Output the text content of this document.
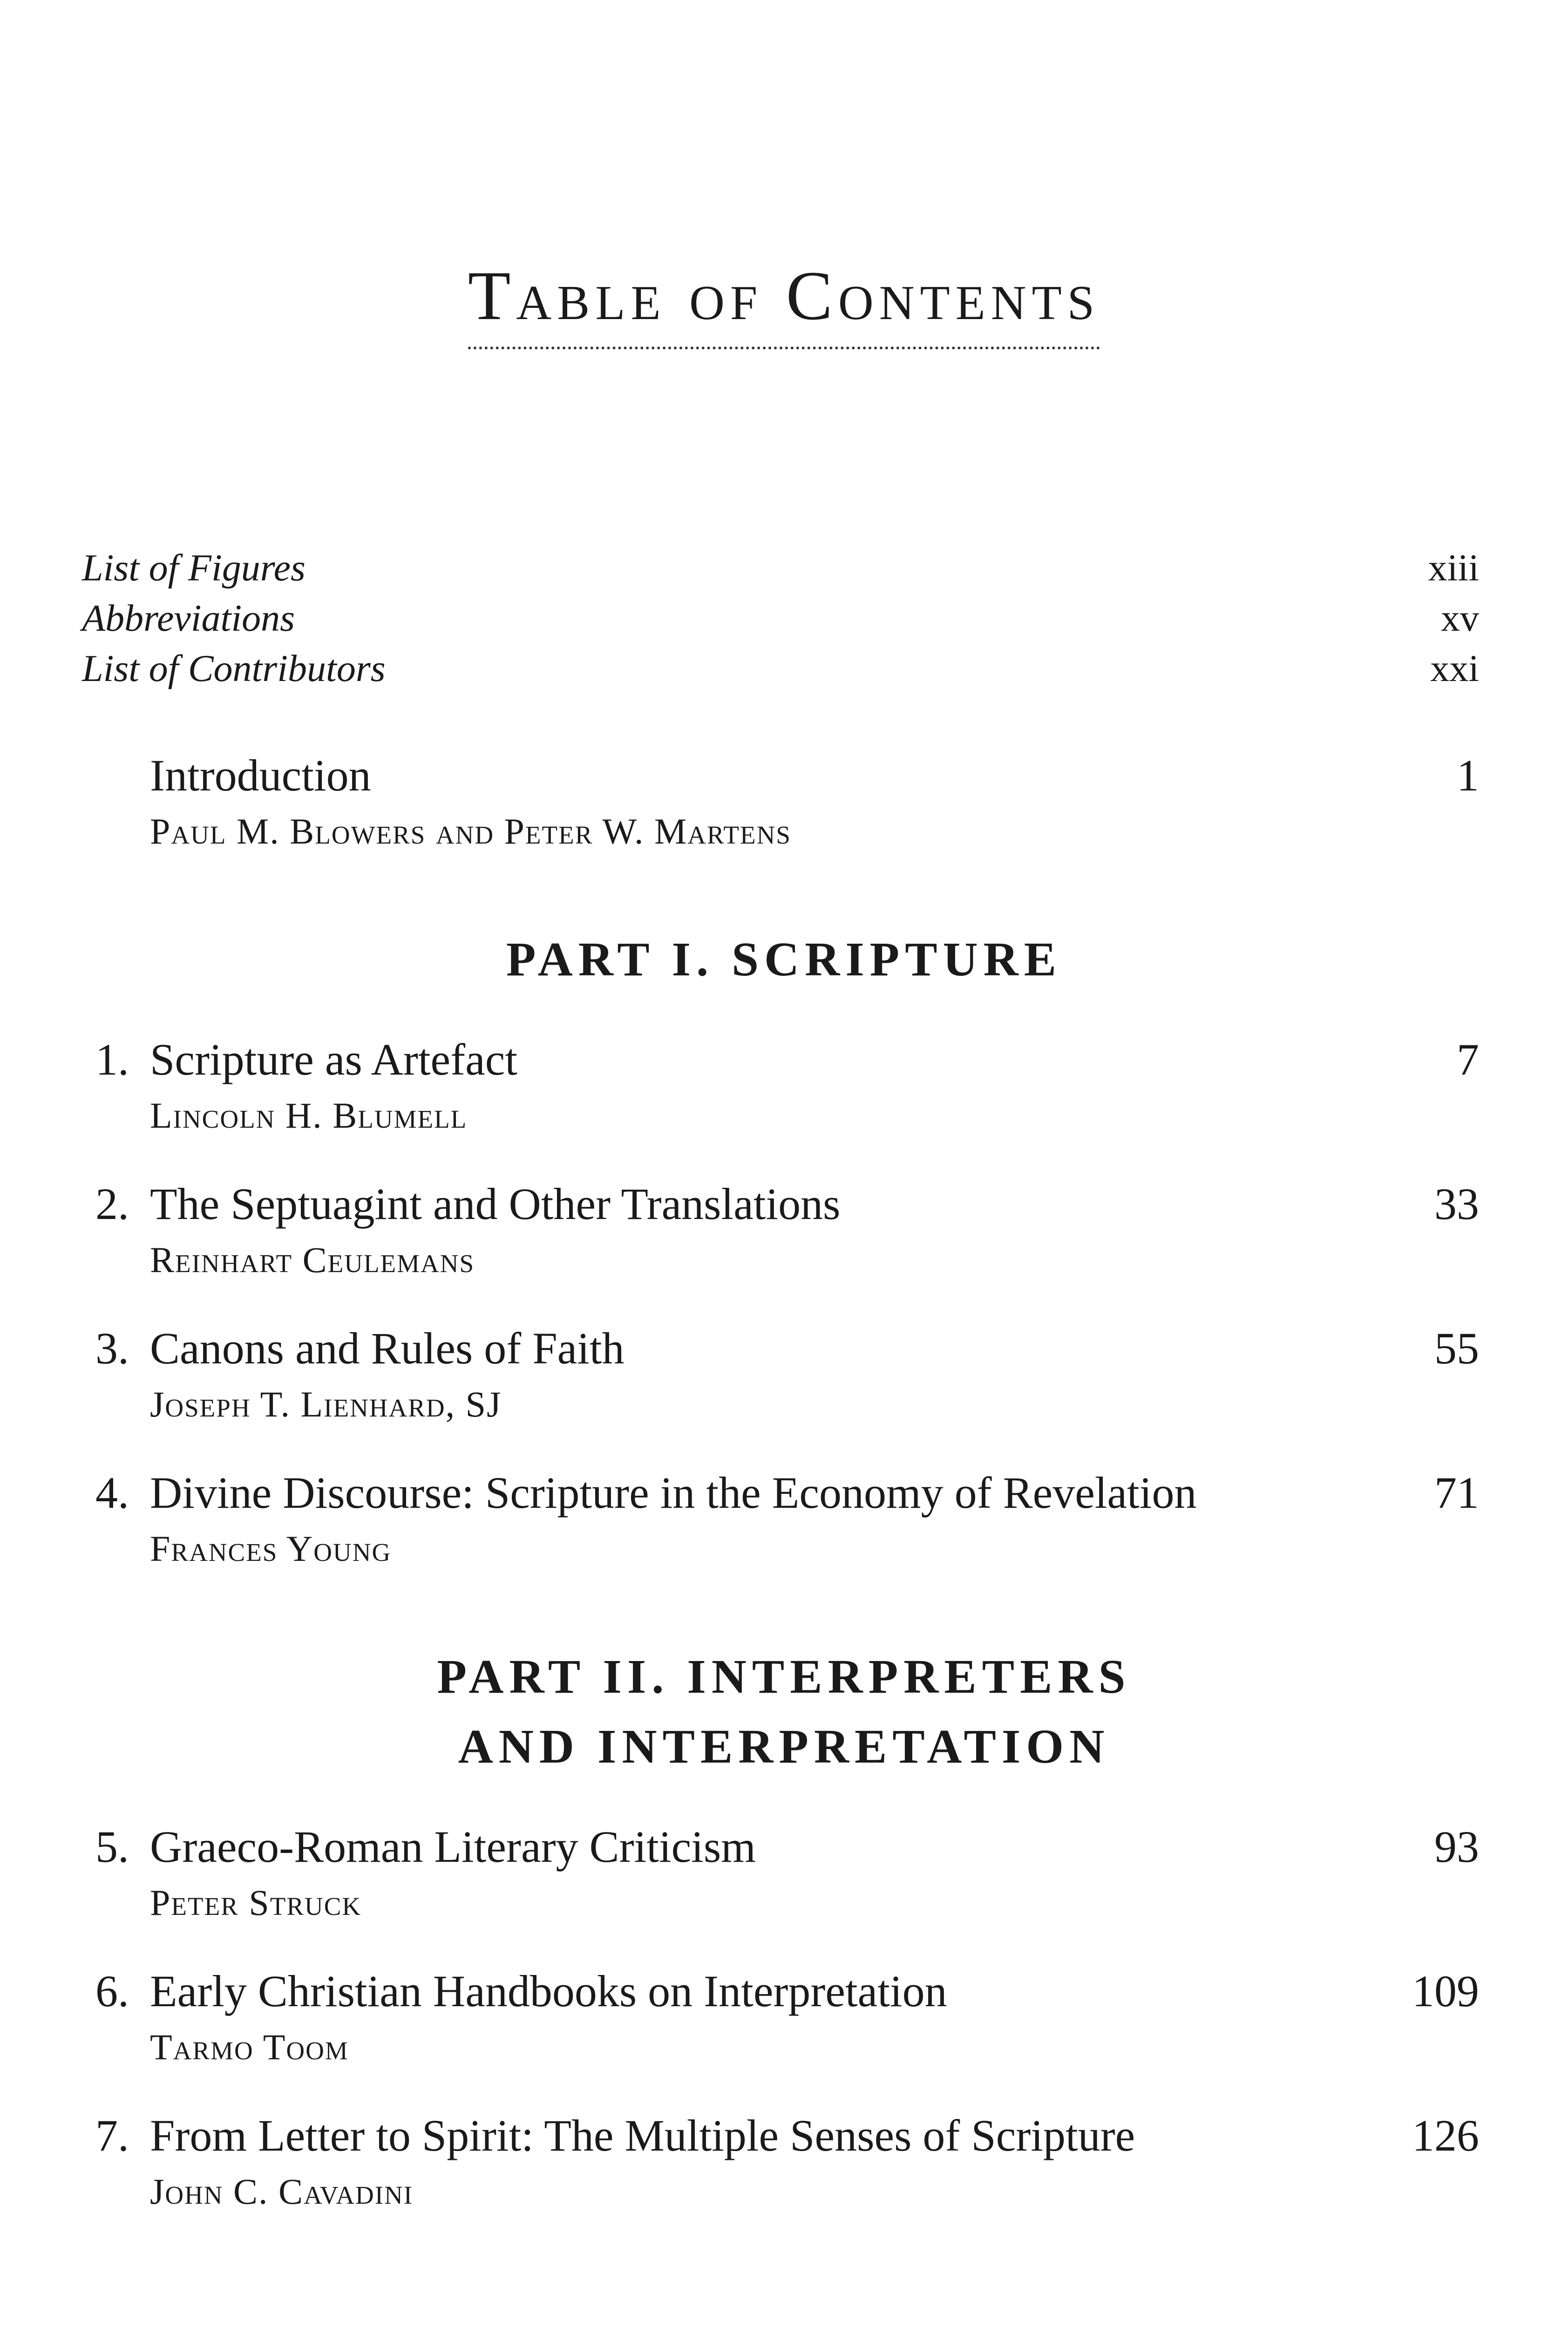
Table of Contents
List of Figures	xiii
Abbreviations	xv
List of Contributors	xxi
Introduction	1
Paul M. Blowers and Peter W. Martens
PART I. SCRIPTURE
1. Scripture as Artefact	7
Lincoln H. Blumell
2. The Septuagint and Other Translations	33
Reinhart Ceulemans
3. Canons and Rules of Faith	55
Joseph T. Lienhard, SJ
4. Divine Discourse: Scripture in the Economy of Revelation	71
Frances Young
PART II. INTERPRETERS
AND INTERPRETATION
5. Graeco-Roman Literary Criticism	93
Peter Struck
6. Early Christian Handbooks on Interpretation	109
Tarmo Toom
7. From Letter to Spirit: The Multiple Senses of Scripture	126
John C. Cavadini
